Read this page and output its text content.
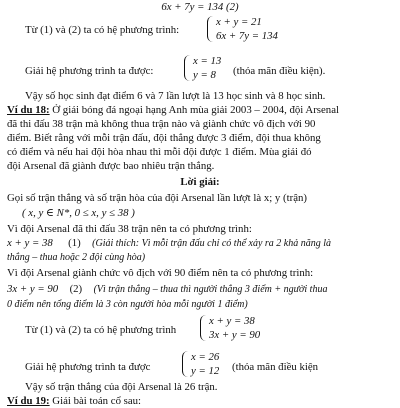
6x + 7y = 134 (2)
Từ (1) và (2) ta có hệ phương trình:
x + y = 21
6x + 7y = 134
Giải hệ phương trình ta được:
x = 13
y = 8 (thỏa mãn điều kiện).
Vậy số học sinh đạt điểm 6 và 7 lần lượt là 13 học sinh và 8 học sinh.
Ví du 18: Ở giải bóng đá ngoại hạng Anh mùa giải 2003 – 2004, đội Arsenal
đã thi đấu 38 trận mà không thua trận nào và giành chức vô địch với 90
điểm. Biết rằng với mỗi trận đấu, đội thắng được 3 điểm, đội thua không
có điểm và nếu hai đội hòa nhau thì mỗi đội được 1 điểm. Mùa giải đó
đội Arsenal đã giành được bao nhiêu trận thắng.
Lời giải:
Gọi số trận thắng và số trận hòa của đội Arsenal lần lượt là x; y (trận)
( x, y ∈ N*, 0 ≤ x, y ≤ 38 )
Vì đội Arsenal đã thi đấu 38 trận nên ta có phương trình:
x + y = 38 (1) (Giải thích: Vì mỗi trận đấu chỉ có thể xảy ra 2 khả năng là
thắng – thua hoặc 2 đội cùng hòa)
Vì đội Arsenal giành chức vô địch với 90 điểm nên ta có phương trình:
3x + y = 90 (2) (Vì trận thắng – thua thì người thắng 3 điểm + người thua
0 điểm nên tổng điểm là 3 còn người hòa mỗi người 1 điểm)
Từ (1) và (2) ta có hệ phương trình
x + y = 38
3x + y = 90
Giải hệ phương trình ta được
x = 26
y = 12 (thỏa mãn điều kiện
Vậy số trận thắng của đội Arsenal là 26 trận.
Ví du 19: Giải bài toán cổ sau:
